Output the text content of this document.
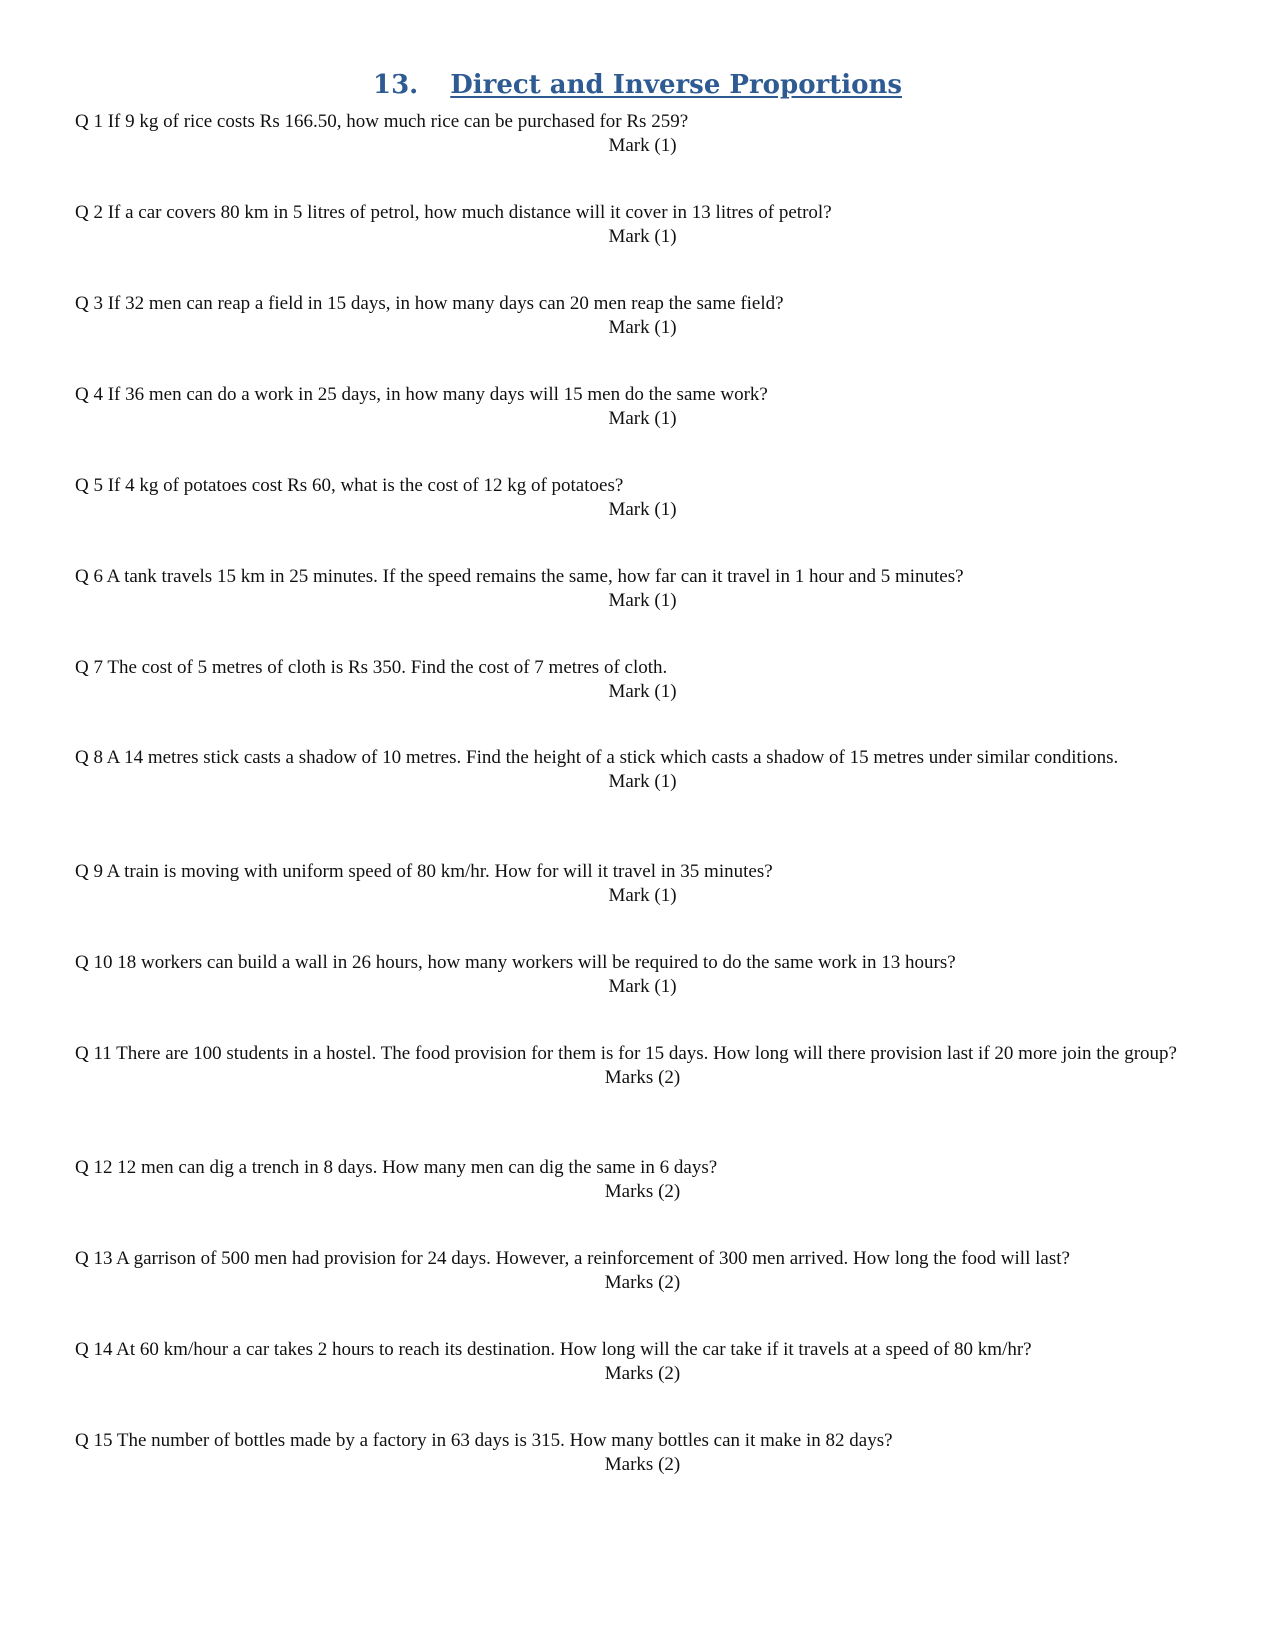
13. Direct and Inverse Proportions
Q 1 If 9 kg of rice costs Rs 166.50, how much rice can be purchased for Rs 259?
Mark (1)
Q 2 If a car covers 80 km in 5 litres of petrol, how much distance will it cover in 13 litres of petrol?
Mark (1)
Q 3 If 32 men can reap a field in 15 days, in how many days can 20 men reap the same field?
Mark (1)
Q 4 If 36 men can do a work in 25 days, in how many days will 15 men do the same work?
Mark (1)
Q 5 If 4 kg of potatoes cost Rs 60, what is the cost of 12 kg of potatoes?
Mark (1)
Q 6 A tank travels 15 km in 25 minutes. If the speed remains the same, how far can it travel in 1 hour and 5 minutes?
Mark (1)
Q 7 The cost of 5 metres of cloth is Rs 350. Find the cost of 7 metres of cloth.
Mark (1)
Q 8 A 14 metres stick casts a shadow of 10 metres. Find the height of a stick which casts a shadow of 15 metres under similar conditions.
Mark (1)
Q 9 A train is moving with uniform speed of 80 km/hr. How for will it travel in 35 minutes?
Mark (1)
Q 10 18 workers can build a wall in 26 hours, how many workers will be required to do the same work in 13 hours?
Mark (1)
Q 11 There are 100 students in a hostel. The food provision for them is for 15 days. How long will there provision last if 20 more join the group?
Marks (2)
Q 12 12 men can dig a trench in 8 days. How many men can dig the same in 6 days?
Marks (2)
Q 13 A garrison of 500 men had provision for 24 days. However, a reinforcement of 300 men arrived. How long the food will last?
Marks (2)
Q 14 At 60 km/hour a car takes 2 hours to reach its destination. How long will the car take if it travels at a speed of 80 km/hr?
Marks (2)
Q 15 The number of bottles made by a factory in 63 days is 315. How many bottles can it make in 82 days?
Marks (2)
